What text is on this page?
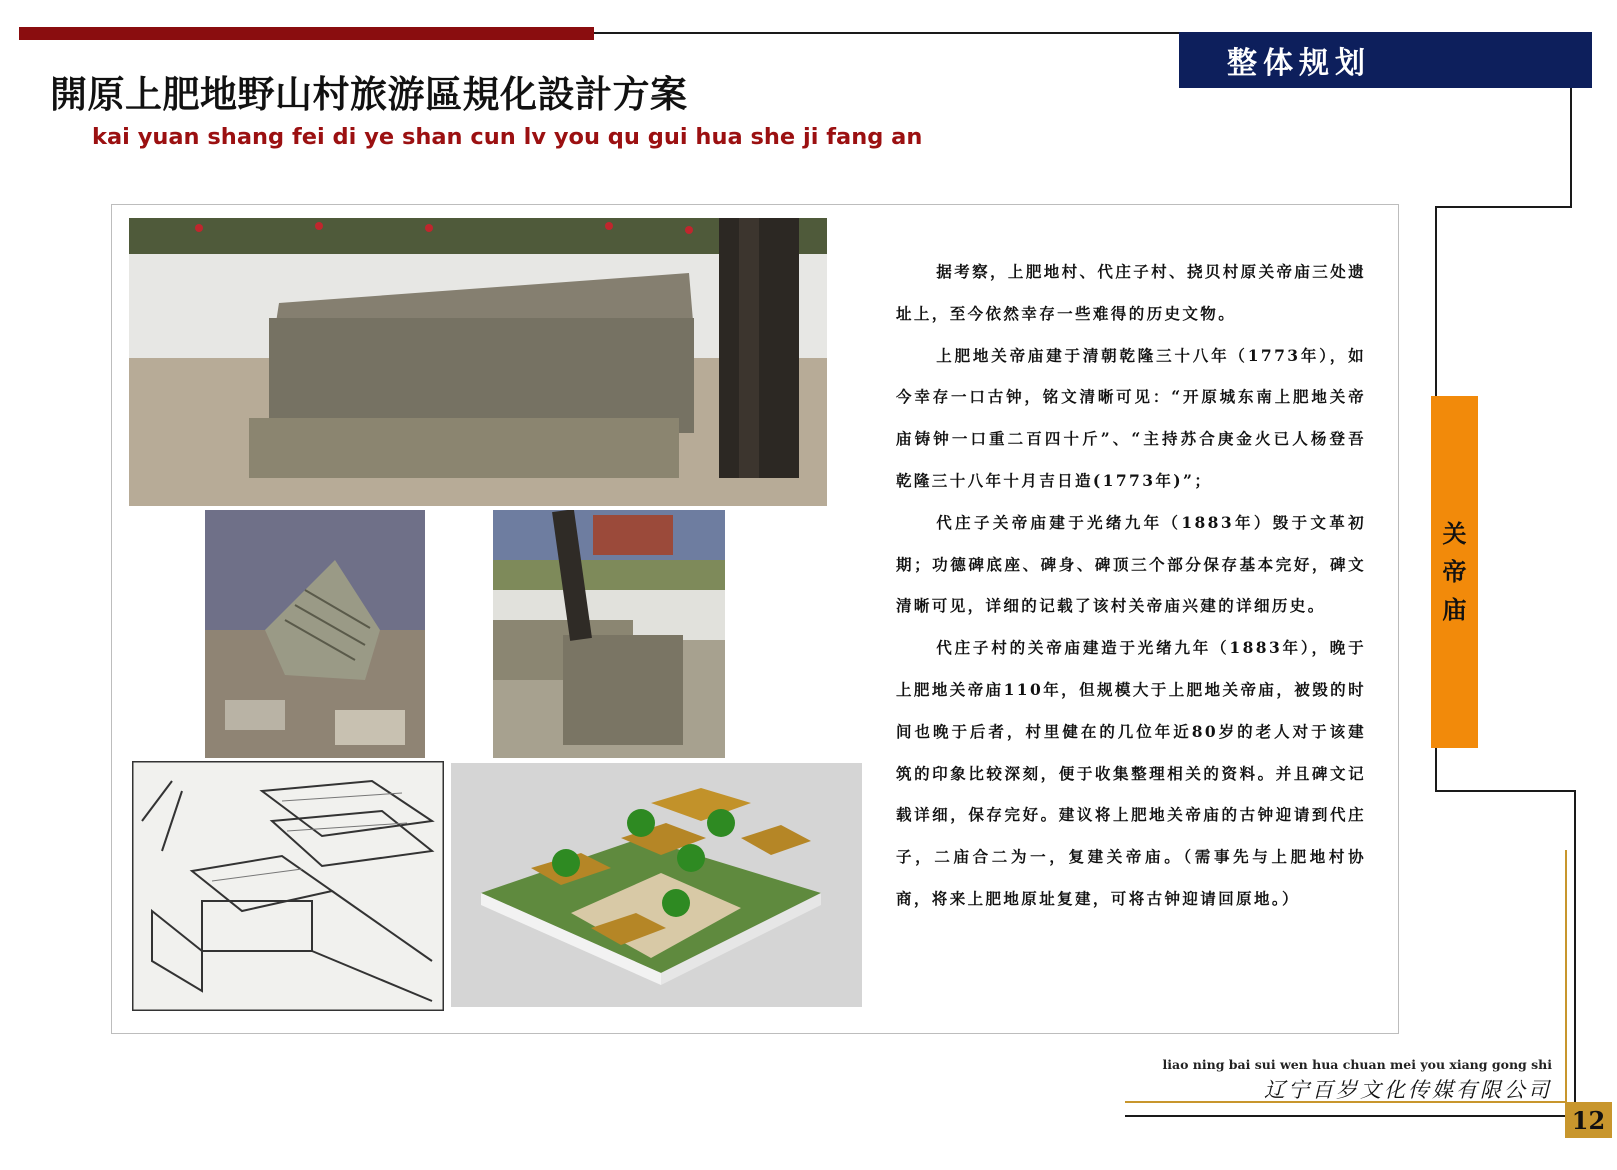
整体规划
開原上肥地野山村旅游區規化設計方案
kai yuan shang fei di ye shan cun lv you qu gui hua she ji fang an
关
帝
庙

据考察，上肥地村、代庄子村、挠贝村原关帝庙三处遗址上，至今依然幸存一些难得的历史文物。

上肥地关帝庙建于清朝乾隆三十八年（1773年），如今幸存一口古钟，铭文清晰可见：“开原城东南上肥地关帝庙铸钟一口重二百四十斤”、“主持苏合庚金火已人杨登吾乾隆三十八年十月吉日造(1773年)”；

代庄子关帝庙建于光绪九年（1883年）毁于文革初期；功德碑底座、碑身、碑顶三个部分保存基本完好，碑文清晰可见，详细的记载了该村关帝庙兴建的详细历史。

代庄子村的关帝庙建造于光绪九年（1883年），晚于上肥地关帝庙110年，但规模大于上肥地关帝庙，被毁的时间也晚于后者，村里健在的几位年近80岁的老人对于该建筑的印象比较深刻，便于收集整理相关的资料。并且碑文记载详细，保存完好。建议将上肥地关帝庙的古钟迎请到代庄子，二庙合二为一，复建关帝庙。（需事先与上肥地村协商，将来上肥地原址复建，可将古钟迎请回原地。）

liao ning bai sui wen hua chuan mei you xiang gong shi
辽宁百岁文化传媒有限公司
12
